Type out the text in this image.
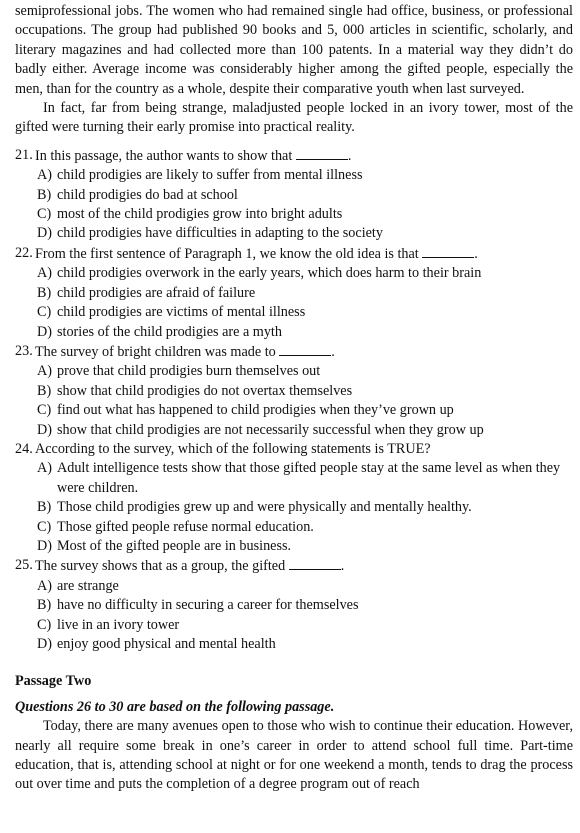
semiprofessional jobs. The women who had remained single had office, business, or professional occupations. The group had published 90 books and 5, 000 articles in scientific, scholarly, and literary magazines and had collected more than 100 patents. In a material way they didn’t do badly either. Average income was considerably higher among the gifted people, especially the men, than for the country as a whole, despite their comparative youth when last surveyed.

In fact, far from being strange, maladjusted people locked in an ivory tower, most of the gifted were turning their early promise into practical reality.

21. In this passage, the author wants to show that	.
A) child prodigies are likely to suffer from mental illness
B) child prodigies do bad at school
C) most of the child prodigies grow into bright adults
D) child prodigies have difficulties in adapting to the society
22. From the first sentence of Paragraph 1, we know the old idea is that	.
A) child prodigies overwork in the early years, which does harm to their brain
B) child prodigies are afraid of failure
C) child prodigies are victims of mental illness
D) stories of the child prodigies are a myth
23. The survey of bright children was made to	.
A) prove that child prodigies burn themselves out
B) show that child prodigies do not overtax themselves
C) find out what has happened to child prodigies when they’ve grown up
D) show that child prodigies are not necessarily successful when they grow up
24. According to the survey, which of the following statements is TRUE?
A) Adult intelligence tests show that those gifted people stay at the same level as when they were children.
B) Those child prodigies grew up and were physically and mentally healthy.
C) Those gifted people refuse normal education.
D) Most of the gifted people are in business.
25. The survey shows that as a group, the gifted	.
A) are strange
B) have no difficulty in securing a career for themselves
C) live in an ivory tower
D) enjoy good physical and mental health
Passage Two
Questions 26 to 30 are based on the following passage.

Today, there are many avenues open to those who wish to continue their education. However, nearly all require some break in one’s career in order to attend school full time. Part-time education, that is, attending school at night or for one weekend a month, tends to drag the process out over time and puts the completion of a degree program out of reach
